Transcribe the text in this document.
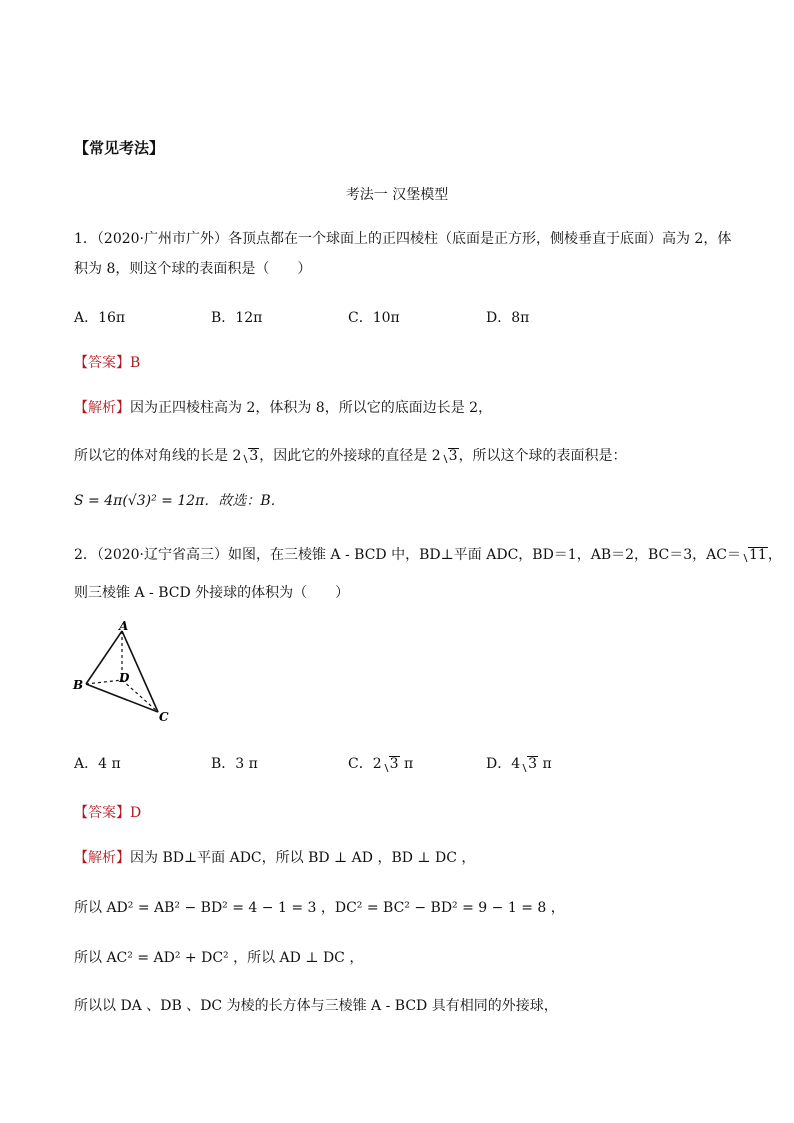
【常见考法】
考法一 汉堡模型
1．（2020·广州市广外）各顶点都在一个球面上的正四棱柱（底面是正方形，侧棱垂直于底面）高为 2，体
积为 8，则这个球的表面积是（　　）
A．16π	B．12π	C．10π	D．8π
【答案】B
【解析】因为正四棱柱高为 2，体积为 8，所以它的底面边长是 2，
所以它的体对角线的长是 2 3，因此它的外接球的直径是 2 3，所以这个球的表面积是：
S = 4π(√3)² = 12π．故选：B．
2．（2020·辽宁省高三）如图，在三棱锥 A - BCD 中，BD⊥平面 ADC，BD＝1，AB＝2，BC＝3，AC＝ 11，
则三棱锥 A - BCD 外接球的体积为（　　）
A
B
C
D
A．4 π	B．3 π	C．2 3 π	D．4 3 π
【答案】D
【解析】因为 BD⊥平面 ADC，所以 BD ⊥ AD ，BD ⊥ DC ，
所以 AD² = AB² − BD² = 4 − 1 = 3 ，DC² = BC² − BD² = 9 − 1 = 8 ，
所以 AC² = AD² + DC² ，所以 AD ⊥ DC ，
所以以 DA 、DB 、DC 为棱的长方体与三棱锥 A - BCD 具有相同的外接球，
